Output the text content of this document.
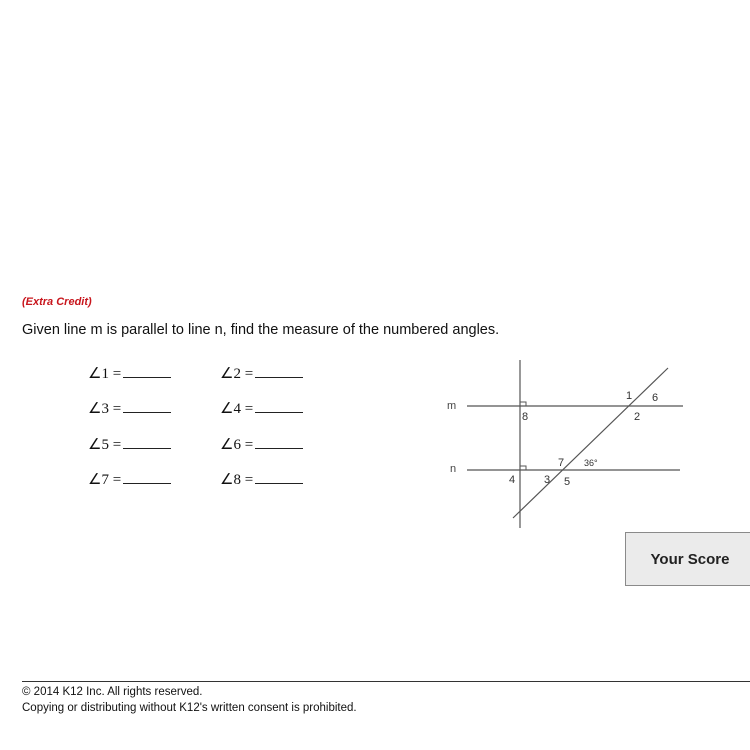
(Extra Credit)
Given line m is parallel to line n, find the measure of the numbered angles.
∠1 =	∠2 =
∠3 =	∠4 =
∠5 =	∠6 =
∠7 =	∠8 =
m
n
1
2
3
4	5
6
7
8
36°
Your Score
© 2014 K12 Inc. All rights reserved.
Copying or distributing without K12's written consent is prohibited.
